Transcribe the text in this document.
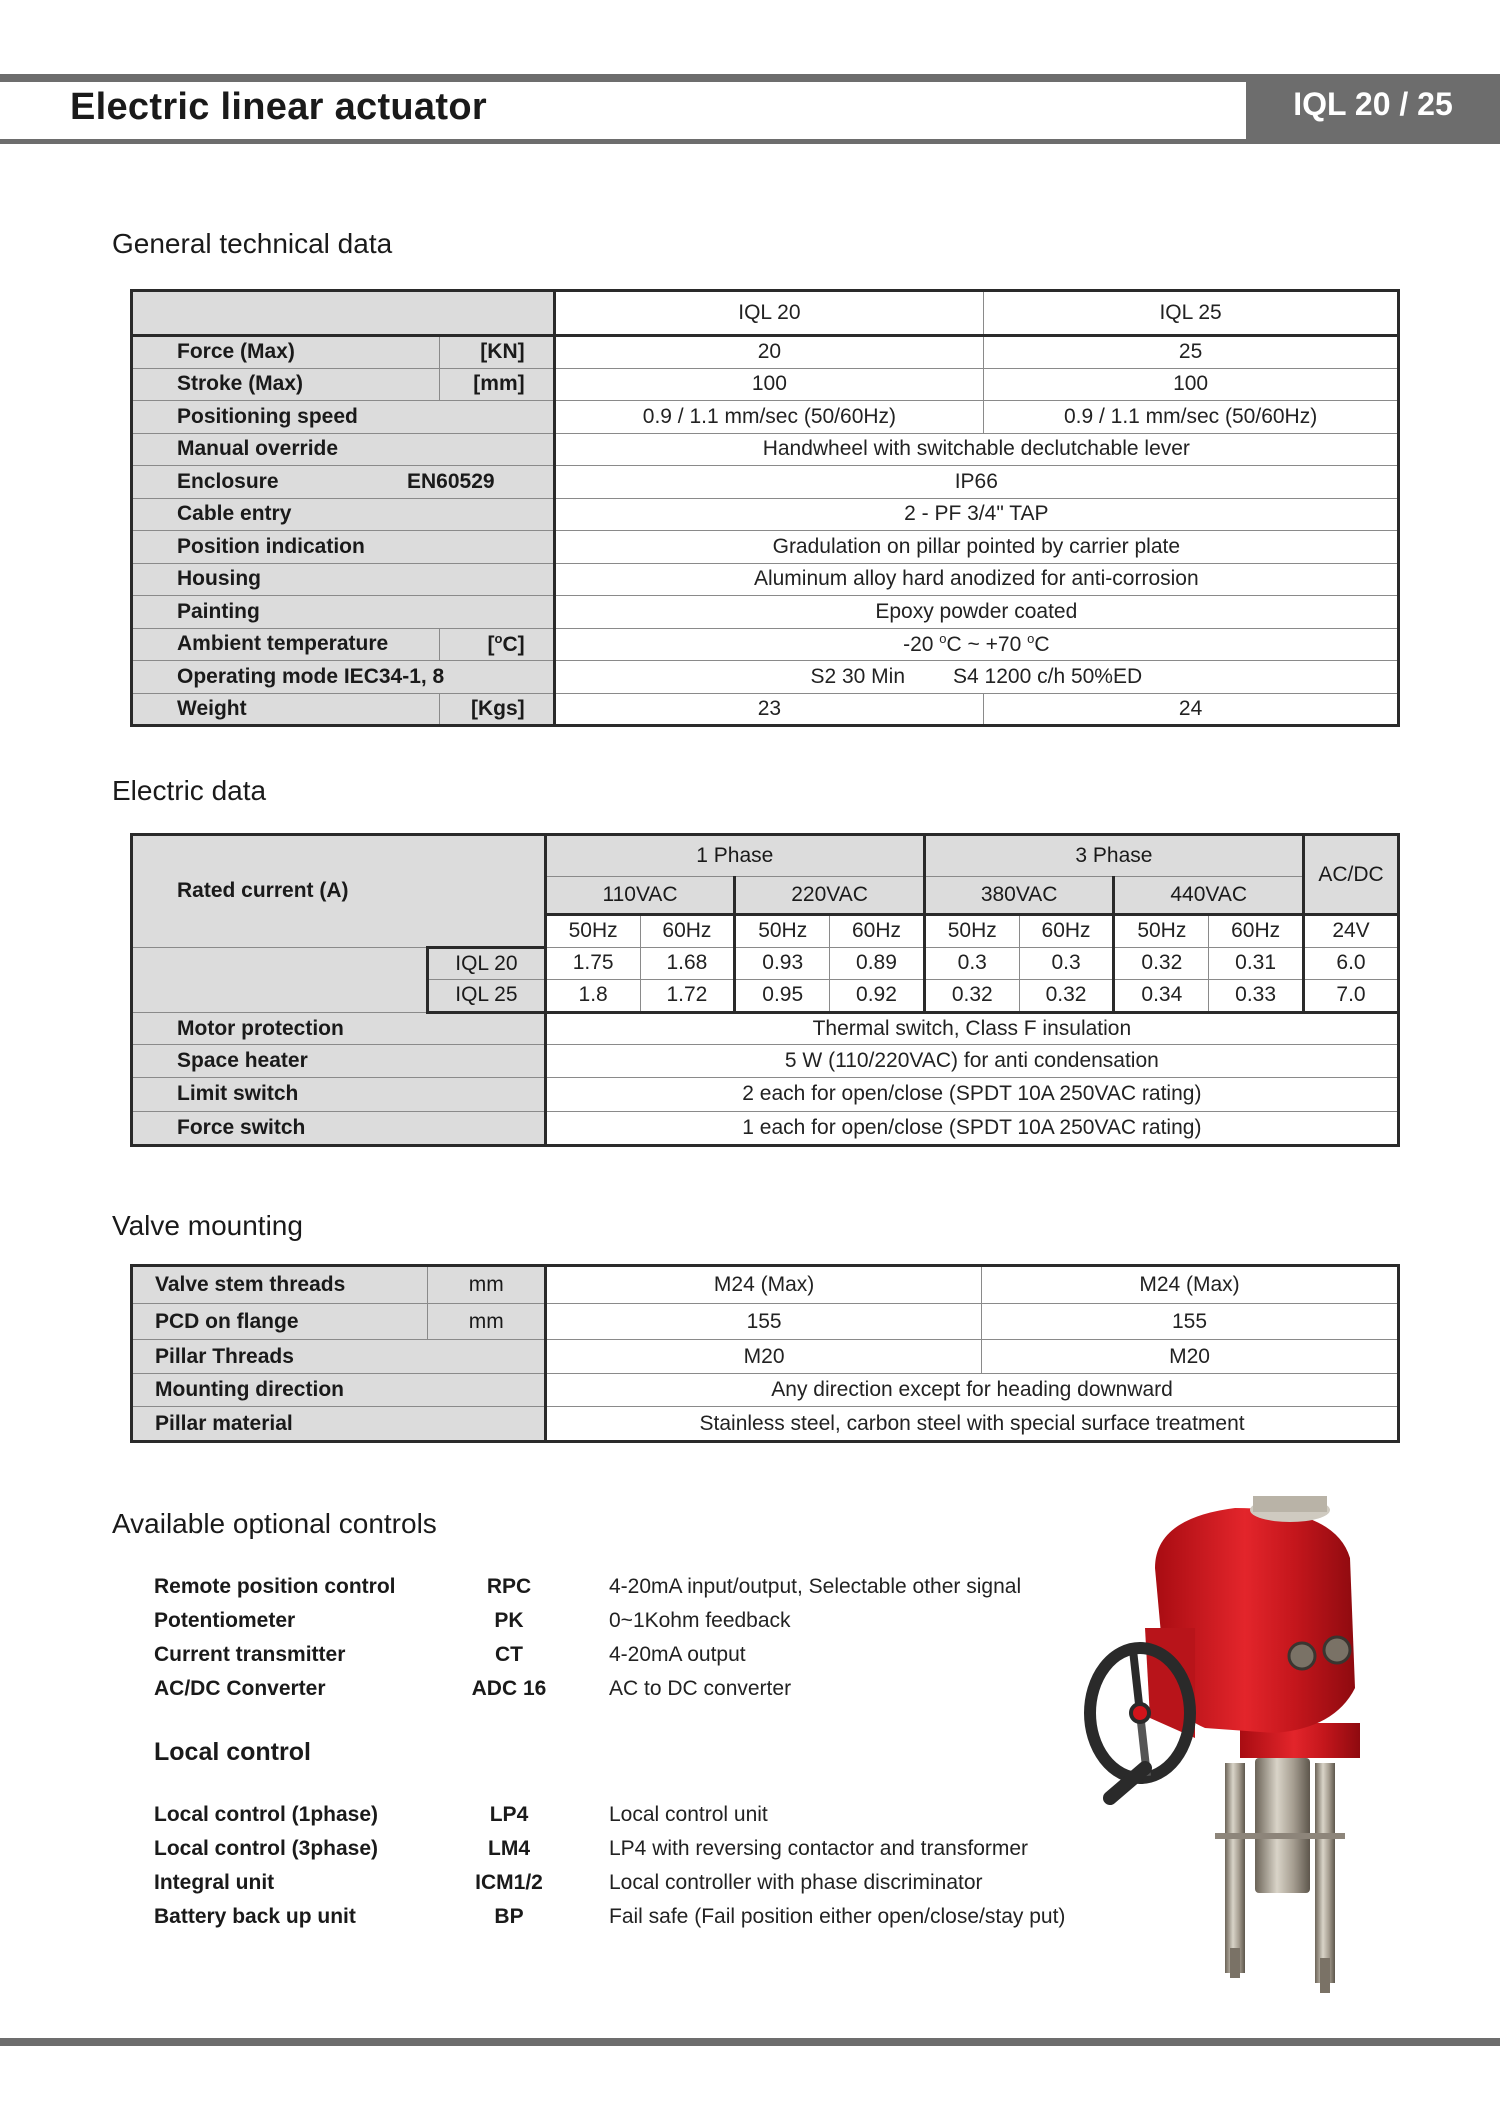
Electric linear actuator	IQL 20 / 25
General technical data
		IQL 20	IQL 25
Force (Max)	[KN]	20	25
Stroke (Max)	[mm]	100	100
Positioning speed		0.9 / 1.1 mm/sec (50/60Hz)	0.9 / 1.1 mm/sec (50/60Hz)
Manual override		Handwheel with switchable declutchable lever	
Enclosure EN60529		IP66	
Cable entry		2 - PF 3/4" TAP	
Position indication		Gradulation on pillar pointed by carrier plate	
Housing		Aluminum alloy hard anodized for anti-corrosion	
Painting		Epoxy powder coated	
Ambient temperature	[$^o$C]	-20 $^o$C ~ +70 $^o$C	
Operating mode IEC34-1, 8		S2 30 Min S4 1200 c/h 50%ED	
Weight	[Kgs]	23	24
Electric data
Rated current (A)		1 Phase				3 Phase				AC/DC
		110VAC		220VAC		380VAC		440VAC		
		50Hz	60Hz	50Hz	60Hz	50Hz	60Hz	50Hz	60Hz	24V
	IQL 20	1.75	1.68	0.93	0.89	0.3	0.3	0.32	0.31	6.0
	IQL 25	1.8	1.72	0.95	0.92	0.32	0.32	0.34	0.33	7.0
Motor protection		Thermal switch, Class F insulation								
Space heater		5 W (110/220VAC) for anti condensation								
Limit switch		2 each for open/close (SPDT 10A 250VAC rating)								
Force switch		1 each for open/close (SPDT 10A 250VAC rating)								
Valve mounting
Valve stem threads	mm	M24 (Max)	M24 (Max)
PCD on flange	mm	155	155
Pillar Threads		M20	M20
Mounting direction		Any direction except for heading downward	
Pillar material		Stainless steel, carbon steel with special surface treatment	
Available optional controls
Remote position control	RPC	4-20mA input/output, Selectable other signal
Potentiometer	PK	0~1Kohm feedback
Current transmitter	CT	4-20mA output
AC/DC Converter	ADC 16	AC to DC converter
Local control
Local control (1phase)	LP4	Local control unit
Local control (3phase)	LM4	LP4 with reversing contactor and transformer
Integral unit	ICM1/2	Local controller with phase discriminator
Battery back up unit	BP	Fail safe (Fail position either open/close/stay put)
